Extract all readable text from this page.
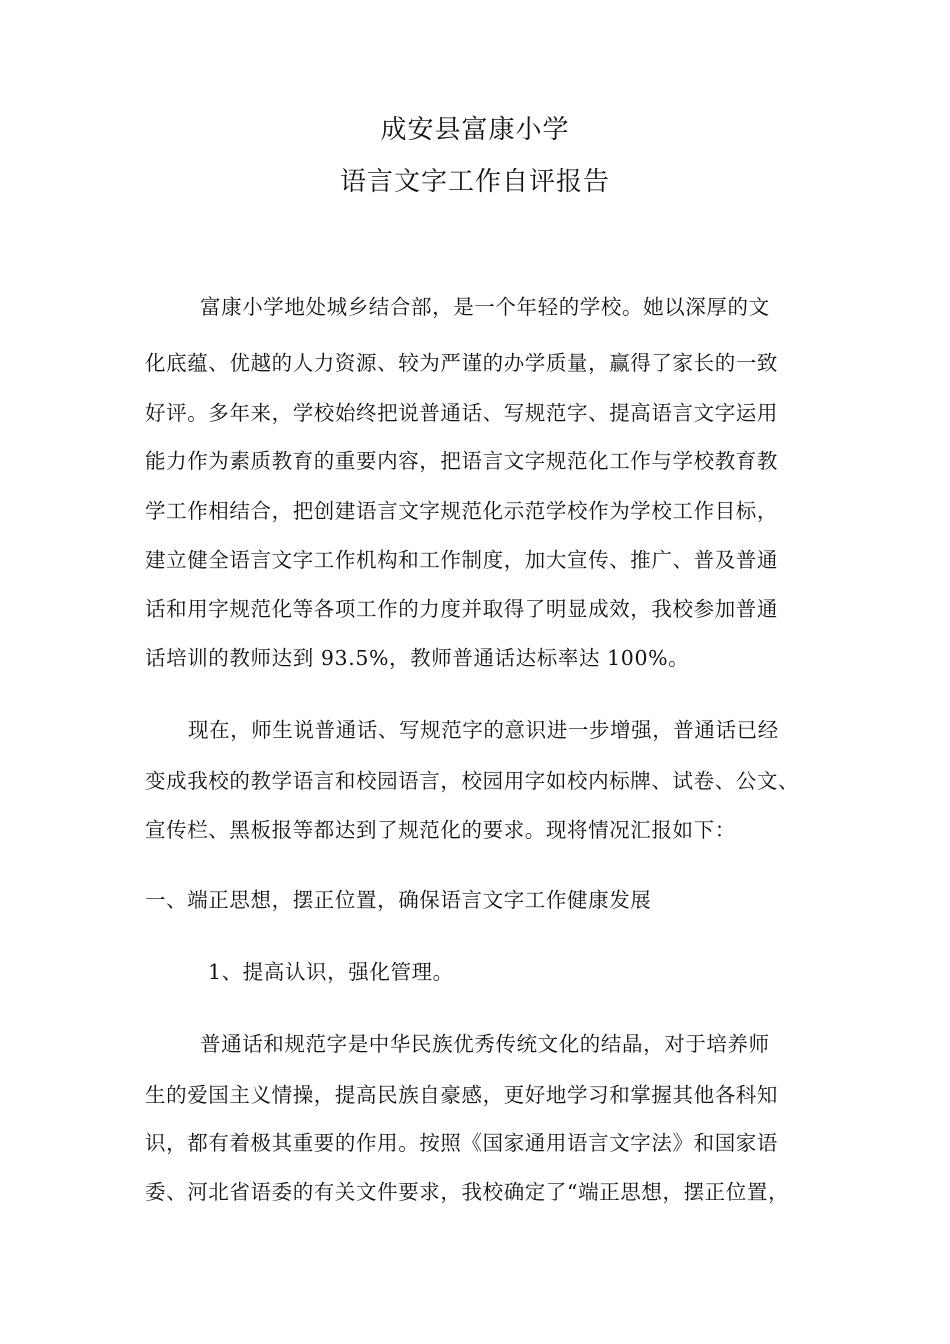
成安县富康小学
语言文字工作自评报告
富康小学地处城乡结合部，是一个年轻的学校。她以深厚的文
化底蕴、优越的人力资源、较为严谨的办学质量，赢得了家长的一致
好评。多年来，学校始终把说普通话、写规范字、提高语言文字运用
能力作为素质教育的重要内容，把语言文字规范化工作与学校教育教
学工作相结合，把创建语言文字规范化示范学校作为学校工作目标，
建立健全语言文字工作机构和工作制度，加大宣传、推广、普及普通
话和用字规范化等各项工作的力度并取得了明显成效，我校参加普通
话培训的教师达到 93.5%，教师普通话达标率达 100%。
现在，师生说普通话、写规范字的意识进一步增强，普通话已经
变成我校的教学语言和校园语言，校园用字如校内标牌、试卷、公文、
宣传栏、黑板报等都达到了规范化的要求。现将情况汇报如下：
一、端正思想，摆正位置，确保语言文字工作健康发展
1、提高认识，强化管理。
普通话和规范字是中华民族优秀传统文化的结晶，对于培养师
生的爱国主义情操，提高民族自豪感，更好地学习和掌握其他各科知
识，都有着极其重要的作用。按照《国家通用语言文字法》和国家语
委、河北省语委的有关文件要求，我校确定了“端正思想，摆正位置，
